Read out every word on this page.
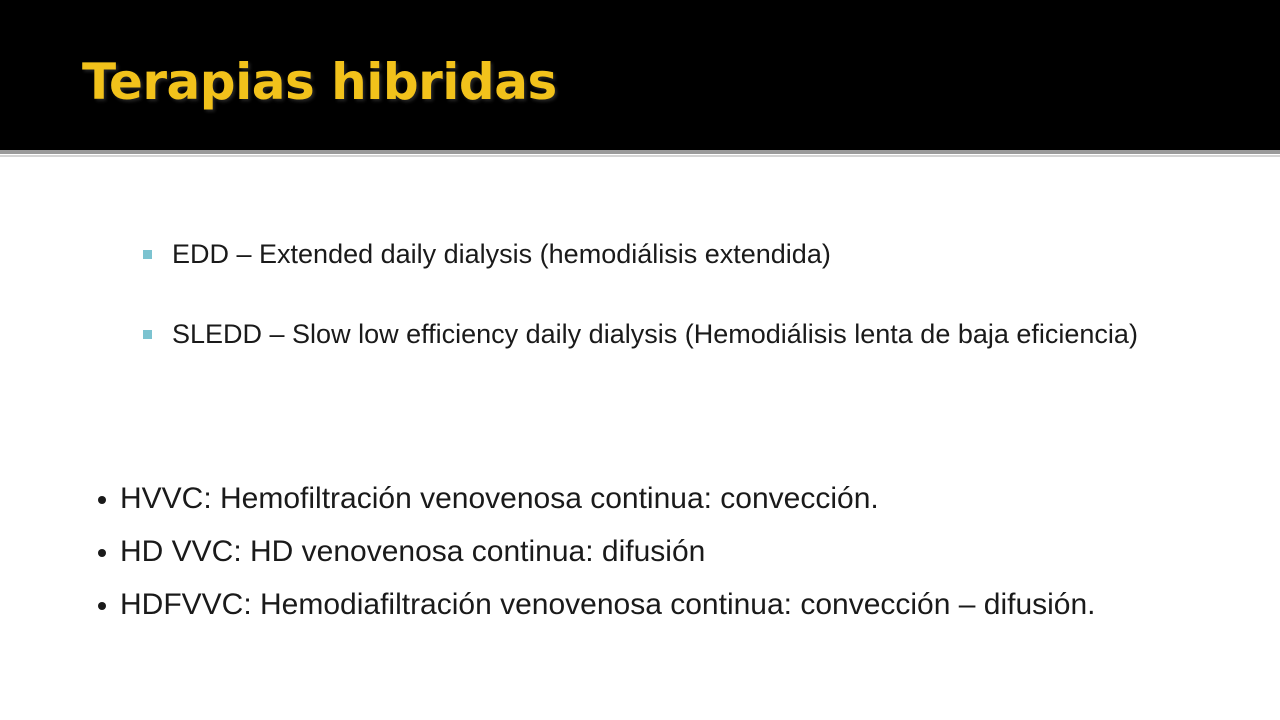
Terapias hibridas
EDD – Extended daily dialysis (hemodiálisis extendida)
SLEDD – Slow low efficiency daily dialysis (Hemodiálisis lenta de baja eficiencia)
HVVC: Hemofiltración venovenosa continua: convección.
HD VVC: HD venovenosa continua: difusión
HDFVVC: Hemodiafiltración venovenosa continua: convección – difusión.
